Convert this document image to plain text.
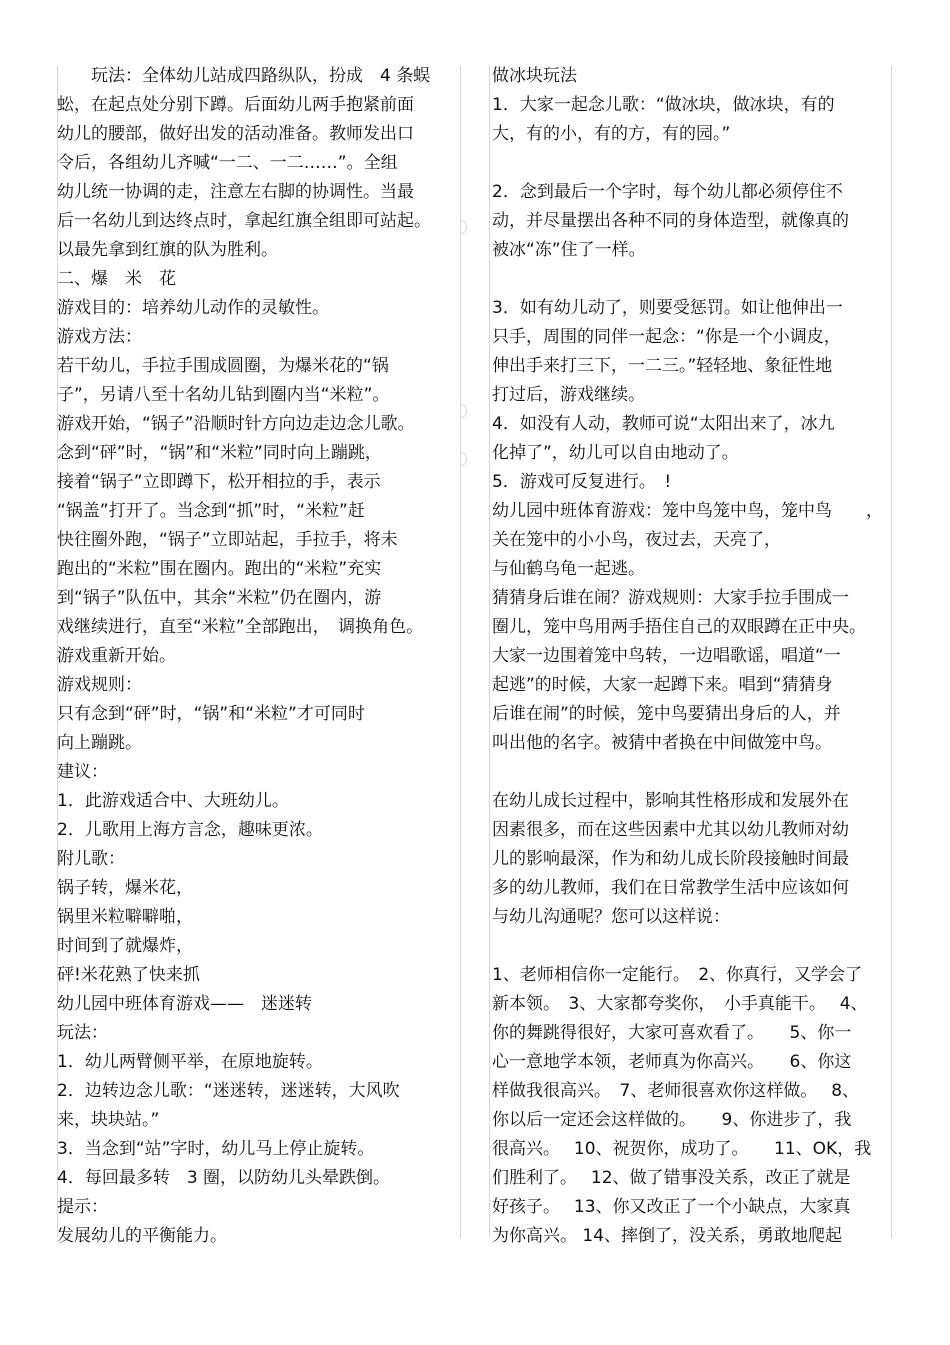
　　玩法：全体幼儿站成四路纵队，扮成　4 条蜈
蚣，在起点处分别下蹲。后面幼儿两手抱紧前面
幼儿的腰部，做好出发的活动准备。教师发出口
令后，各组幼儿齐喊“一二、一二……”。全组
幼儿统一协调的走，注意左右脚的协调性。当最
后一名幼儿到达终点时，拿起红旗全组即可站起。
以最先拿到红旗的队为胜利。
二、爆　米　花
游戏目的：培养幼儿动作的灵敏性。
游戏方法：
若干幼儿，手拉手围成圆圈，为爆米花的“锅
子”，另请八至十名幼儿钻到圈内当“米粒”。
游戏开始，“锅子”沿顺时针方向边走边念儿歌。
念到“砰”时，“锅”和“米粒”同时向上蹦跳，
接着“锅子”立即蹲下，松开相拉的手，表示
“锅盖”打开了。当念到“抓”时，“米粒”赶
快往圈外跑，“锅子”立即站起，手拉手，将未
跑出的“米粒”围在圈内。跑出的“米粒”充实
到“锅子”队伍中，其余“米粒”仍在圈内，游
戏继续进行，直至“米粒”全部跑出，　调换角色。
游戏重新开始。
游戏规则：
只有念到“砰”时，“锅”和“米粒”才可同时
向上蹦跳。
建议：
1．此游戏适合中、大班幼儿。
2．儿歌用上海方言念，趣味更浓。
附儿歌：
锅子转，爆米花，
锅里米粒噼噼啪，
时间到了就爆炸，
砰!米花熟了快来抓
幼儿园中班体育游戏——　迷迷转
玩法：
1．幼儿两臂侧平举，在原地旋转。
2．边转边念儿歌：“迷迷转，迷迷转，大风吹
来，块块站。”
3．当念到“站”字时，幼儿马上停止旋转。
4．每回最多转　3 圈，以防幼儿头晕跌倒。
提示：
发展幼儿的平衡能力。
做冰块玩法
1．大家一起念儿歌：“做冰块，做冰块，有的
大，有的小，有的方，有的园。”
2．念到最后一个字时，每个幼儿都必须停住不
动，并尽量摆出各种不同的身体造型，就像真的
被冰“冻”住了一样。
3．如有幼儿动了，则要受惩罚。如让他伸出一
只手，周围的同伴一起念：“你是一个小调皮，
伸出手来打三下，一二三。”轻轻地、象征性地
打过后，游戏继续。
4．如没有人动，教师可说“太阳出来了，冰九
化掉了”，幼儿可以自由地动了。
5．游戏可反复进行。　!
幼儿园中班体育游戏：笼中鸟笼中鸟，笼中鸟　　，
关在笼中的小小鸟，夜过去，天亮了，
与仙鹤乌龟一起逃。
猜猜身后谁在闹？游戏规则：大家手拉手围成一
圈儿，笼中鸟用两手捂住自己的双眼蹲在正中央。
大家一边围着笼中鸟转，一边唱歌谣，唱道“一
起逃”的时候，大家一起蹲下来。唱到“猜猜身
后谁在闹”的时候，笼中鸟要猜出身后的人，并
叫出他的名字。被猜中者换在中间做笼中鸟。
在幼儿成长过程中，影响其性格形成和发展外在
因素很多，而在这些因素中尤其以幼儿教师对幼
儿的影响最深，作为和幼儿成长阶段接触时间最
多的幼儿教师，我们在日常教学生活中应该如何
与幼儿沟通呢？您可以这样说：
1、老师相信你一定能行。　2、你真行，又学会了
新本领。　3、大家都夸奖你，　小手真能干。　 4、
你的舞跳得很好，大家可喜欢看了。　　5、你一
心一意地学本领，老师真为你高兴。　　6、你这
样做我很高兴。　7、老师很喜欢你这样做。　 8、
你以后一定还会这样做的。　　9、你进步了，我
很高兴。　 10、祝贺你，成功了。　　11、OK，我
们胜利了。　 12、做了错事没关系，改正了就是
好孩子。　 13、你又改正了一个小缺点，大家真
为你高兴。 14、摔倒了，没关系，勇敢地爬起
